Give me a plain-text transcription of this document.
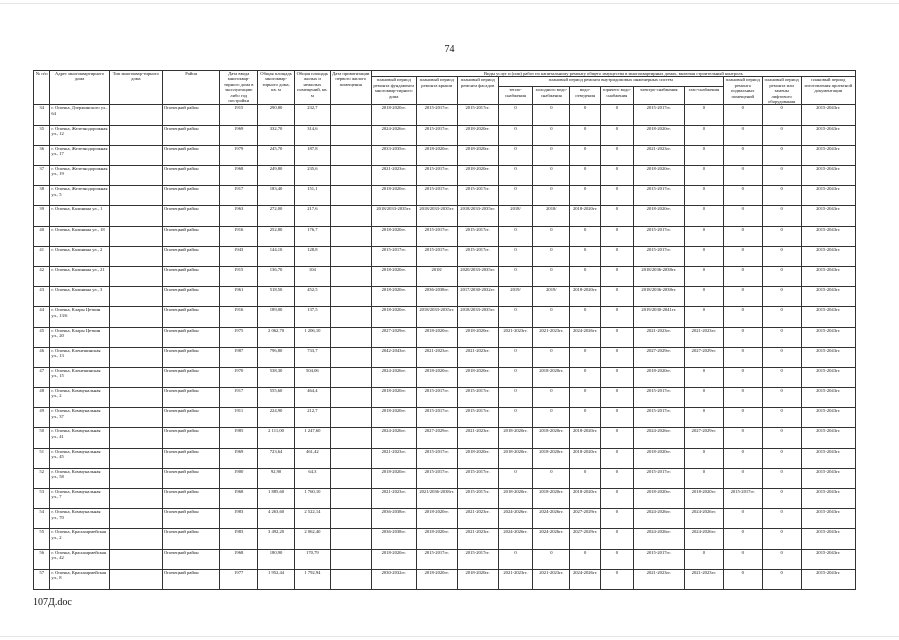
74
№ п/п	Адрес многоквартирного дома	Тип многоквар-тирного дома	Район	Дата ввода многоквар-тирного дома в эксплуатацию либо год постройки	Общая площадь многоквар-тирного дома, кв. м	Общая площадь жилых и нежилых помещений, кв. м	Дата приватизации первого жилого помещения	Виды услуг и (или) работ по капитальному ремонту общего имущества в многоквартирных домах, включая строительный контроль											
								плановый период ремонта фундамента многоквар-тирного дома	плановый период ремонта крыши	плановый период ремонта фасадов	плановый период ремонта внутридомовых инженерных систем						плановый период ремонта подвальных помещений	плановый период ремонта или замены лифтового оборудования	плановый период изготовления проектной документации
											тепло-снабжения	холодного водо-снабжения	водо-отведения	горячего водо-снабжения	электро-снабжения	газо-снабжения			
34	г. Опочка, Дзержинского ул., 64		Опочецкий район	1915	290,80	232,7		2018-2020гг.	2015-2017гг.	2015-2017гг.	0	0	0	0	2015-2017гг.	0	0	0	2015-2043гг.
35	г. Опочка, Железнодорожная ул., 12		Опочецкий район	1969	332,70	314,6		2024-2026гг.	2015-2017гг.	2018-2020гг.	0	0	0	0	2018-2020гг.	0	0	0	2015-2043гг.
36	г. Опочка, Железнодорожная ул., 17		Опочецкий район	1979	245,70	187,8		2033-2035гг.	2018-2020гг.	2018-2020гг.	0	0	0	0	2021-2023гг.	0	0	0	2015-2043гг.
37	г. Опочка, Железнодорожная ул., 19		Опочецкий район	1968	249,80	235,6		2021-2023гг.	2015-2017гг.	2018-2020гг.	0	0	0	0	2018-2020гг.	0	0	0	2015-2043гг.
38	г. Опочка, Железнодорожная ул., 5		Опочецкий район	1917	183,40	151,1		2018-2020гг.	2015-2017гг.	2015-2017гг.	0	0	0	0	2015-2017гг.	0	0	0	2015-2043гг.
39	г. Опочка, Калинина ул., 1		Опочецкий район	1963	272,00	217,6		2018/2033-2035гг.	2018/2033-2035гг.	2018/2033-2035гг.	2018/	2018/	2018-2020гг.	0	2018-2020гг.	0	0	0	2015-2043гг.
40	г. Опочка, Калинина ул., 18		Опочецкий район	1916	252,80	176,7		2018-2020гг.	2015-2017гг.	2015-2017гг.	0	0	0	0	2015-2017гг.	0	0	0	2015-2043гг.
41	г. Опочка, Калинина ул., 2		Опочецкий район	1943	144,10	128,8		2015-2017гг.	2015-2017гг.	2015-2017гг.	0	0	0	0	2015-2017гг.	0	0	0	2015-2043гг.
42	г. Опочка, Калинина ул., 21		Опочецкий район	1915	136,70	104		2018-2020гг.	2018/	2020/2033-2035гг.	0	0	0	0	2018/2036-2038гг.	0	0	0	2015-2043гг.
43	г. Опочка, Калинина ул., 3		Опочецкий район	1961	518,50	452,5		2018-2020гг.	2036-2038гг.	2017/2030-2032гг.	2019/	2019/	2018-2020гг.	0	2018/2036-2038гг.	0	0	0	2015-2043гг.
44	г. Опочка, Клары Цеткин ул., 13/6		Опочецкий район	1916	189,00	137,5		2018-2020гг.	2018/2033-2035гг.	2018/2033-2035гг.	0	0	0	0	2019/2030-2041гг.	0	0	0	2015-2043гг.
45	г. Опочка, Клары Цеткин ул., 20		Опочецкий район	1975	2 062,70	1 206,10		2027-2029гг.	2018-2020гг.	2018-2020гг.	2021-2023гг.	2021-2023гг.	2024-2026гг.	0	2021-2023гг.	2021-2023гг.	0	0	2015-2043гг.
46	г. Опочка, Кленешинская ул., 13		Опочецкий район	1987	796,80	733,7		2042-2043гг.	2021-2023гг.	2021-2023гг.	0	0	0	0	2027-2029гг.	2027-2029гг.	0	0	2015-2043гг.
47	г. Опочка, Кленешинская ул., 15		Опочецкий район	1970	538,30	504,06		2024-2026гг.	2018-2020гг.	2018-2020гг.	0	2018-2020гг.	0	0	2018-2020гг.	0	0	0	2015-2043гг.
48	г. Опочка, Коммунальная ул., 2		Опочецкий район	1917	555,60	464,4		2018-2020гг.	2015-2017гг.	2015-2017гг.	0	0	0	0	2015-2017гг.	0	0	0	2015-2043гг.
49	г. Опочка, Коммунальная ул., 37		Опочецкий район	1911	224,90	212,7		2018-2020гг.	2015-2017гг.	2015-2017гг.	0	0	0	0	2015-2017гг.	0	0	0	2015-2043гг.
50	г. Опочка, Коммунальная ул., 41		Опочецкий район	1985	2 111,00	1 247,60		2024-2026гг.	2027-2029гг.	2021-2023гг.	2018-2020гг.	2018-2020гг.	2018-2020гг.	0	2024-2026гг.	2027-2029гг.	0	0	2015-2043гг.
51	г. Опочка, Коммунальная ул., 45		Опочецкий район	1969	723,64	461,42		2021-2023гг.	2015-2017гг.	2018-2020гг.	2018-2020гг.	2018-2020гг.	2018-2020гг.	0	2018-2020гг.	0	0	0	2015-2043гг.
52	г. Опочка, Коммунальная ул., 58		Опочецкий район	1900	92,90	64,3		2018-2020гг.	2015-2017гг.	2015-2017гг.	0	0	0	0	2015-2017гг.	0	0	0	2015-2043гг.
53	г. Опочка, Коммунальная ул., 7		Опочецкий район	1968	1 885,60	1 760,10		2021-2023гг.	2021/2036-2038гг.	2015-2017гг.	2018-2020гг.	2018-2020гг.	2018-2020гг.	0	2018-2020гг.	2018-2020гг.	2015-2017гг.	0	2015-2043гг.
54	г. Опочка, Коммунальная ул., 70		Опочецкий район	1983	4 263,60	2 522,14		2036-2038гг.	2018-2020гг.	2021-2023гг.	2024-2026гг.	2024-2026гг.	2027-2029гг.	0	2024-2026гг.	2024-2026гг.	0	0	2015-2043гг.
55	г. Опочка, Красноармейская ул., 2		Опочецкий район	1983	3 492,20	2 062,40		2036-2038гг.	2018-2020гг.	2021-2023гг.	2024-2026гг.	2024-2026гг.	2027-2029гг.	0	2024-2026гг.	2024-2026гг.	0	0	2015-2043гг.
56	г. Опочка, Красноармейская ул., 42		Опочецкий район	1968	180,90	170,79		2018-2020гг.	2015-2017гг.	2015-2017гг.	0	0	0	0	2015-2017гг.	0	0	0	2015-2043гг.
57	г. Опочка, Красноармейская ул., 8		Опочецкий район	1977	1 952,44	1 792,94		2030-2032гг.	2018-2020гг.	2018-2020гг.	2021-2023гг.	2021-2023гг.	2024-2026гг.	0	2021-2023гг.	2021-2023гг.	0	0	2015-2043гг.
107Д.doc
